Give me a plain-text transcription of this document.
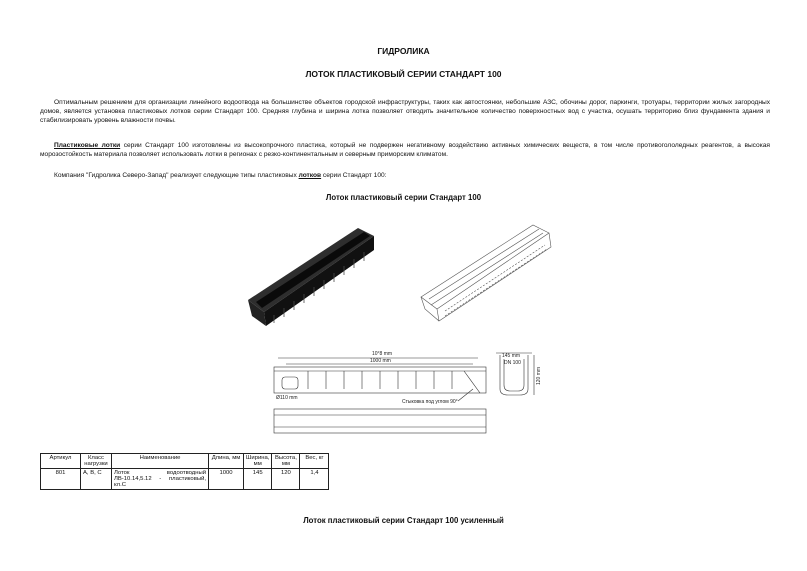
ГИДРОЛИКА
ЛОТОК ПЛАСТИКОВЫЙ СЕРИИ СТАНДАРТ 100
Оптимальным решением для организации линейного водоотвода на большинстве объектов городской инфраструктуры, таких как автостоянки, небольшие АЗС, обочины дорог, паркинги, тротуары, территории жилых загородных домов, является установка пластиковых лотков серии Стандарт 100. Средняя глубина и ширина лотка позволяет отводить значительное количество поверхностных вод с участка, осушать территорию близ фундамента здания и стабилизировать уровень влажности почвы.
Пластиковые лотки серии Стандарт 100 изготовлены из высокопрочного пластика, который не подвержен негативному воздействию активных химических веществ, в том числе противогололедных реагентов, а высокая морозостойкость материала позволяет использовать лотки в регионах с резко-континентальным и северным приморским климатом.
Компания "Гидролика Северо-Запад" реализует следующие типы пластиковых лотков серии Стандарт 100:
Лоток пластиковый серии Стандарт 100
10°8 mm
1000 mm
Ø110 mm
Стыковка под углом 90°
145 mm
DN 100
120 mm
Артикул	Класс нагрузки	Наименование	Длина, мм	Ширина, мм	Высота, мм	Вес, кг
801	A, B, C	Лоток водоотводный ЛВ-10.14,5.12 - пластиковый, кл.С	1000	145	120	1,4
Лоток пластиковый серии Стандарт 100 усиленный
